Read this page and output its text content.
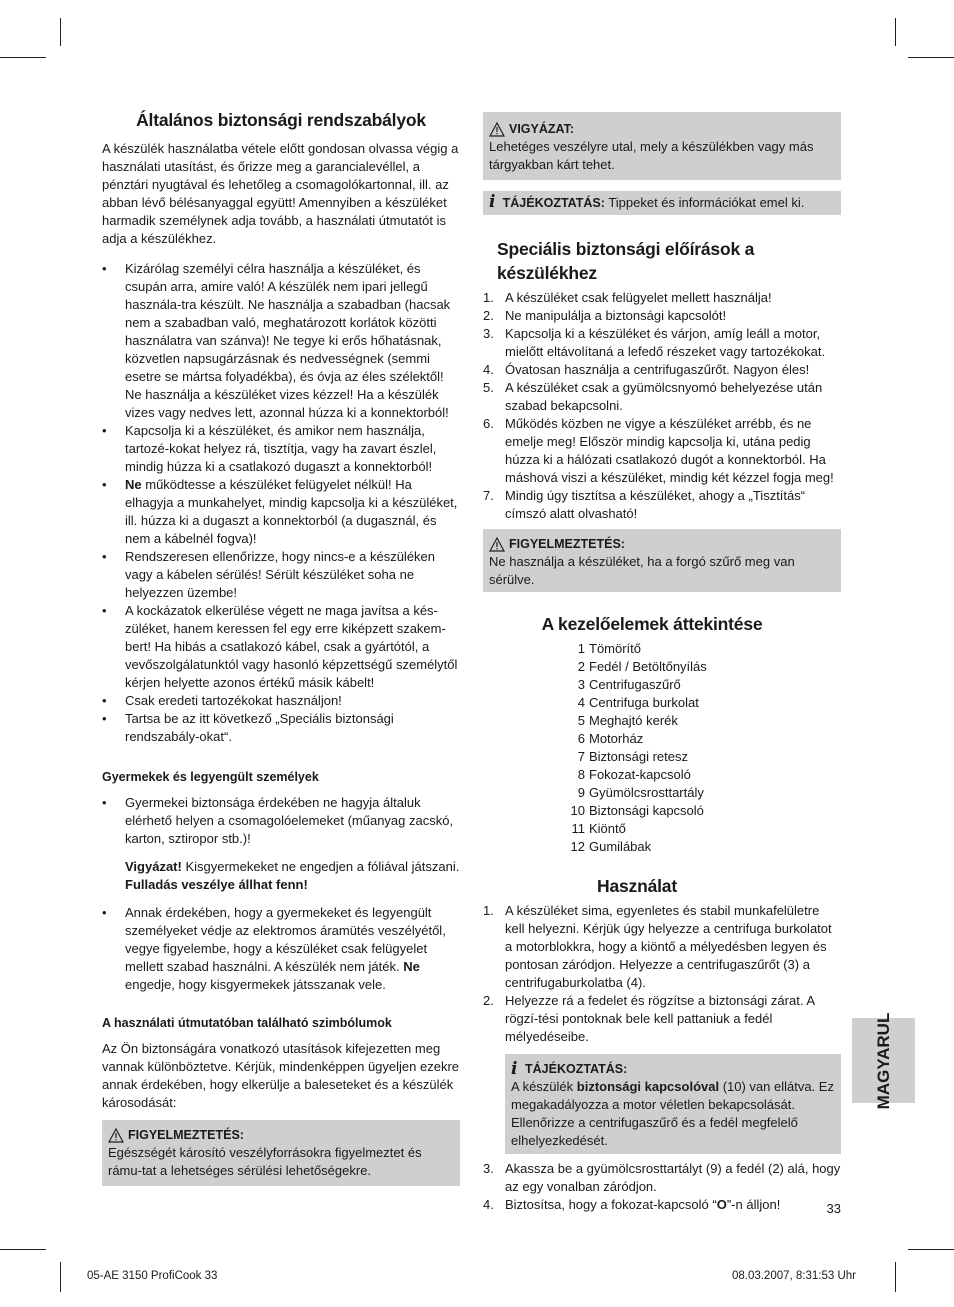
Általános biztonsági rendszabályok

A készülék használatba vétele előtt gondosan olvassa végig a használati utasítást, és őrizze meg a garancialevéllel, a pénztári nyugtával és lehetőleg a csomagolókartonnal, ill. az abban lévő bélésanyaggal együtt! Amennyiben a készüléket harmadik személynek adja tovább, a használati útmutatót is adja a készülékhez.

• Kizárólag személyi célra használja a készüléket, és csupán arra, amire való! A készülék nem ipari jellegű használa-tra készült. Ne használja a szabadban (hacsak nem a szabadban való, meghatározott korlátok közötti használatra van szánva)! Ne tegye ki erős hőhatásnak, közvetlen napsugárzásnak és nedvességnek (semmi esetre se mártsa folyadékba), és óvja az éles szélektől! Ne használja a készüléket vizes kézzel! Ha a készülék vizes vagy nedves lett, azonnal húzza ki a konnektorból!
• Kapcsolja ki a készüléket, és amikor nem használja, tartozé-kokat helyez rá, tisztítja, vagy ha zavart észlel, mindig húzza ki a csatlakozó dugaszt a konnektorból!
• Ne működtesse a készüléket felügyelet nélkül! Ha elhagyja a munkahelyet, mindig kapcsolja ki a készüléket, ill. húzza ki a dugaszt a konnektorból (a dugasznál, és nem a kábelnél fogva)!
• Rendszeresen ellenőrizze, hogy nincs-e a készüléken vagy a kábelen sérülés! Sérült készüléket soha ne helyezzen üzembe!
• A kockázatok elkerülése végett ne maga javítsa a kés-züléket, hanem keressen fel egy erre kiképzett szakem-bert! Ha hibás a csatlakozó kábel, csak a gyártótól, a vevőszolgálatunktól vagy hasonló képzettségű személytől kérjen helyette azonos értékű másik kábelt!
• Csak eredeti tartozékokat használjon!
• Tartsa be az itt következő „Speciális biztonsági rendszabály-okat“.
Gyermekek és legyengült személyek
• Gyermekei biztonsága érdekében ne hagyja általuk elérhető helyen a csomagolóelemeket (műanyag zacskó, karton, sztiropor stb.)!

Vigyázat! Kisgyermekeket ne engedjen a fóliával játszani.
Fulladás veszélye állhat fenn!

• Annak érdekében, hogy a gyermekeket és legyengült személyeket védje az elektromos áramütés veszélyétől, vegye figyelembe, hogy a készüléket csak felügyelet mellett szabad használni. A készülék nem játék. Ne engedje, hogy kisgyermekek játsszanak vele.
A használati útmutatóban található szimbólumok

Az Ön biztonságára vonatkozó utasítások kifejezetten meg vannak különböztetve. Kérjük, mindenképpen ügyeljen ezekre annak érdekében, hogy elkerülje a baleseteket és a készülék károsodását:

FIGYELMEZTETÉS:

Egészségét károsító veszélyforrásokra figyelmeztet és rámu-tat a lehetséges sérülési lehetőségekre.

VIGYÁZAT:

Lehetéges veszélyre utal, mely a készülékben vagy más tárgyakban kárt tehet.

i TÁJÉKOZTATÁS: Tippeket és információkat emel ki.
Speciális biztonsági előírások a készülékhez
1. A készüléket csak felügyelet mellett használja!
2. Ne manipulálja a biztonsági kapcsolót!
3. Kapcsolja ki a készüléket és várjon, amíg leáll a motor, mielőtt eltávolítaná a lefedő részeket vagy tartozékokat.
4. Óvatosan használja a centrifugaszűrőt. Nagyon éles!
5. A készüléket csak a gyümölcsnyomó behelyezése után szabad bekapcsolni.
6. Működés közben ne vigye a készüléket arrébb, és ne emelje meg! Először mindig kapcsolja ki, utána pedig húzza ki a hálózati csatlakozó dugót a konnektorból. Ha máshová viszi a készüléket, mindig két kézzel fogja meg!
7. Mindig úgy tisztítsa a készüléket, ahogy a „Tisztítás“ címszó alatt olvasható!
FIGYELMEZTETÉS:

Ne használja a készüléket, ha a forgó szűrő meg van sérülve.

A kezelőelemek áttekintése
1 Tömörítő
2 Fedél / Betöltőnyílás
3 Centrifugaszűrő
4 Centrifuga burkolat
5 Meghajtó kerék
6 Motorház
7 Biztonsági retesz
8 Fokozat-kapcsoló
9 Gyümölcsrosttartály
10 Biztonsági kapcsoló
11 Kiöntő
12 Gumilábak
Használat
1. A készüléket sima, egyenletes és stabil munkafelületre kell helyezni. Kérjük úgy helyezze a centrifuga burkolatot a motorblokkra, hogy a kiöntő a mélyedésben legyen és pontosan záródjon. Helyezze a centrifugaszűrőt (3) a centrifugaburkolatba (4).
2. Helyezze rá a fedelet és rögzítse a biztonsági zárat. A rögzí-tési pontoknak bele kell pattaniuk a fedél mélyedéseibe.
i TÁJÉKOZTATÁS:

A készülék biztonsági kapcsolóval (10) van ellátva. Ez megakadályozza a motor véletlen bekapcsolását. Ellenőrizze a centrifugaszűrő és a fedél megfelelő elhelyezkedését.

3. Akassza be a gyümölcsrosttartályt (9) a fedél (2) alá, hogy az egy vonalban záródjon.
4. Biztosítsa, hogy a fokozat-kapcsoló “O”-n álljon!
MAGYARUL
33
05-AE 3150 ProfiCook 33	08.03.2007, 8:31:53 Uhr
